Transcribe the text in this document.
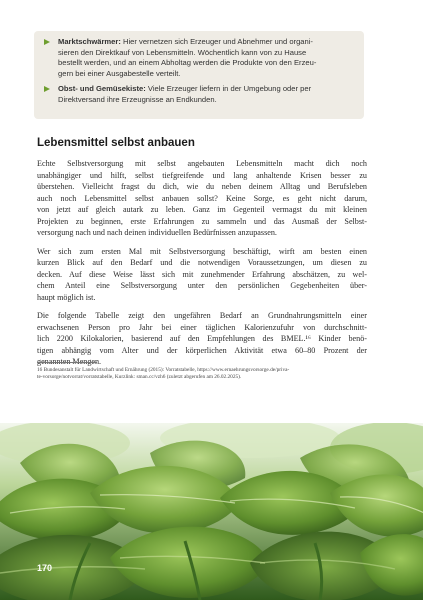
Marktschwärmer: Hier vernetzen sich Erzeuger und Abnehmer und organi-
sieren den Direktkauf von Lebensmitteln. Wöchentlich kann von zu Hause
bestellt werden, und an einem Abholtag werden die Produkte von den Erzeu-
gern bei einer Ausgabestelle verteilt.
Obst- und Gemüsekiste: Viele Erzeuger liefern in der Umgebung oder per
Direktversand ihre Erzeugnisse an Endkunden.
Lebensmittel selbst anbauen

Echte Selbstversorgung mit selbst angebauten Lebensmitteln macht dich noch
unabhängiger und hilft, selbst tiefgreifende und lang anhaltende Krisen besser zu
überstehen. Vielleicht fragst du dich, wie du neben deinem Alltag und Berufsleben
auch noch Lebensmittel selbst anbauen sollst? Keine Sorge, es geht nicht darum,
von jetzt auf gleich autark zu leben. Ganz im Gegenteil vermagst du mit kleinen
Projekten zu beginnen, erste Erfahrungen zu sammeln und das Ausmaß der Selbst-
versorgung nach und nach deinen individuellen Bedürfnissen anzupassen.

Wer sich zum ersten Mal mit Selbstversorgung beschäftigt, wirft am besten einen
kurzen Blick auf den Bedarf und die notwendigen Voraussetzungen, um diesen zu
decken. Auf diese Weise lässt sich mit zunehmender Erfahrung abschätzen, zu wel-
chem Anteil eine Selbstversorgung unter den persönlichen Gegebenheiten über-
haupt möglich ist.

Die folgende Tabelle zeigt den ungefähren Bedarf an Grundnahrungsmitteln einer
erwachsenen Person pro Jahr bei einer täglichen Kalorienzufuhr von durchschnitt-
lich 2200 Kilokalorien, basierend auf den Empfehlungen des BMEL.¹⁶ Kinder benö-
tigen abhängig vom Alter und der körperlichen Aktivität etwa 60–80 Prozent der
genannten Mengen.

16 Bundesanstalt für Landwirtschaft und Ernährung (2015): Vorratstabelle, https://www.ernaehrungsvorsorge.de/priva-
te-vorsorge/notvorrat/vorratstabelle, Kurzlink: sman.cc/vzh6 (zuletzt abgerufen am 26.02.2025).
170
